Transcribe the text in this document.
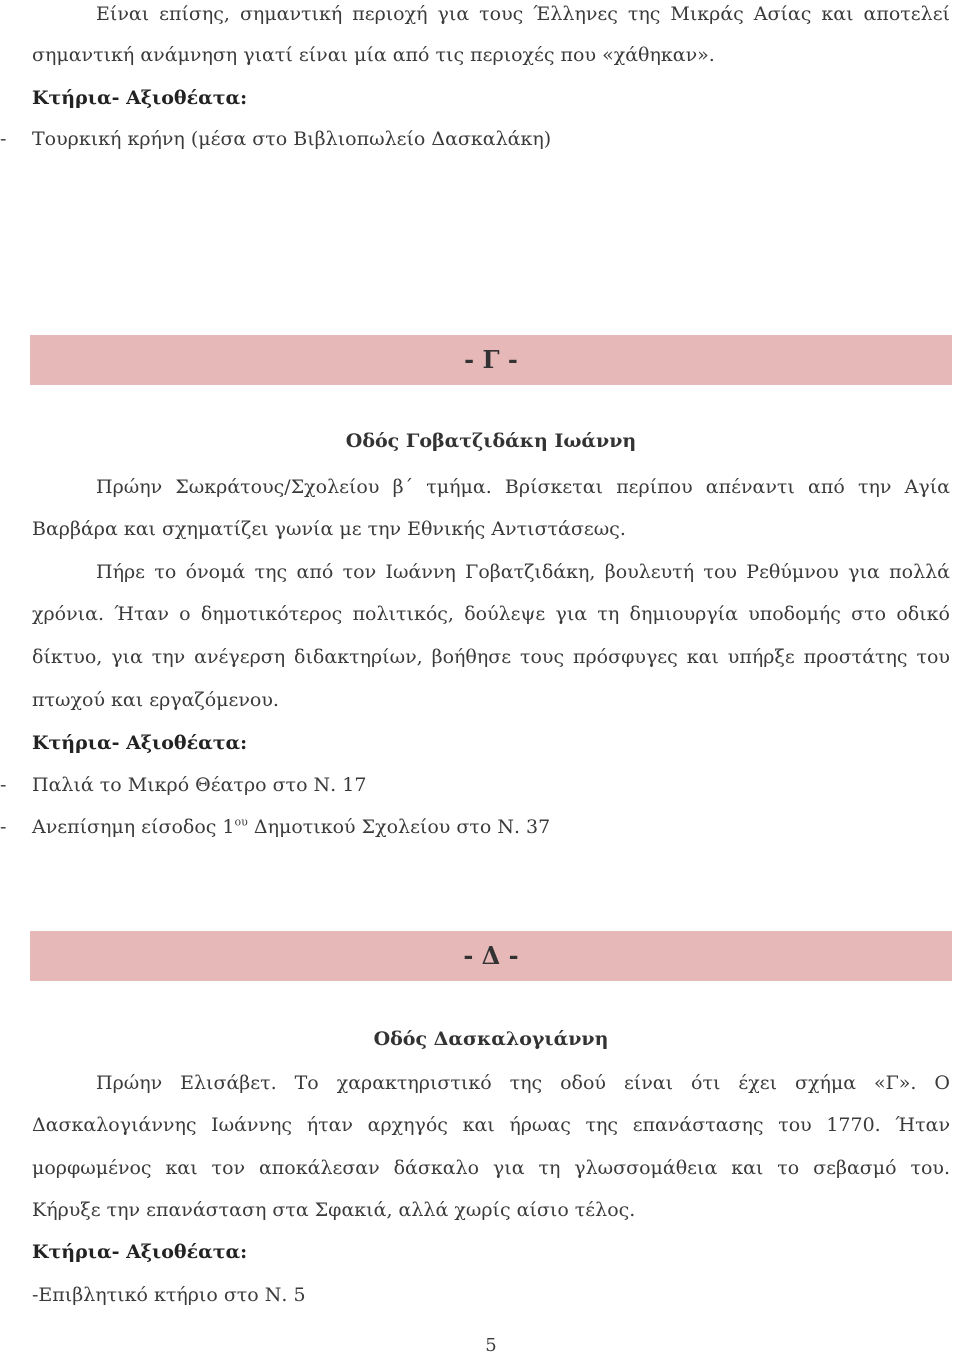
Είναι επίσης, σημαντική περιοχή για τους Έλληνες της Μικράς Ασίας και αποτελεί
σημαντική ανάμνηση γιατί είναι μία από τις περιοχές που «χάθηκαν».
Κτήρια- Αξιοθέατα:
- Τουρκική κρήνη (μέσα στο Βιβλιοπωλείο Δασκαλάκη)
- Γ -
Οδός Γοβατζιδάκη Ιωάννη
Πρώην Σωκράτους/Σχολείου β΄ τμήμα. Βρίσκεται περίπου απέναντι από την Αγία
Βαρβάρα και σχηματίζει γωνία με την Εθνικής Αντιστάσεως.
Πήρε το όνομά της από τον Ιωάννη Γοβατζιδάκη, βουλευτή του Ρεθύμνου για πολλά
χρόνια. Ήταν ο δημοτικότερος πολιτικός, δούλεψε για τη δημιουργία υποδομής στο οδικό
δίκτυο, για την ανέγερση διδακτηρίων, βοήθησε τους πρόσφυγες και υπήρξε προστάτης του
πτωχού και εργαζόμενου.
Κτήρια- Αξιοθέατα:
- Παλιά το Μικρό Θέατρο στο Ν. 17
- Ανεπίσημη είσοδος $1^{o\upsilon}$ Δημοτικού Σχολείου στο Ν. 37
- Δ -
Οδός Δασκαλογιάννη
Πρώην Ελισάβετ. Το χαρακτηριστικό της οδού είναι ότι έχει σχήμα «Γ». Ο
Δασκαλογιάννης Ιωάννης ήταν αρχηγός και ήρωας της επανάστασης του 1770. Ήταν
μορφωμένος και τον αποκάλεσαν δάσκαλο για τη γλωσσομάθεια και το σεβασμό του.
Κήρυξε την επανάσταση στα Σφακιά, αλλά χωρίς αίσιο τέλος.
Κτήρια- Αξιοθέατα:
-Επιβλητικό κτήριο στο Ν. 5
5
